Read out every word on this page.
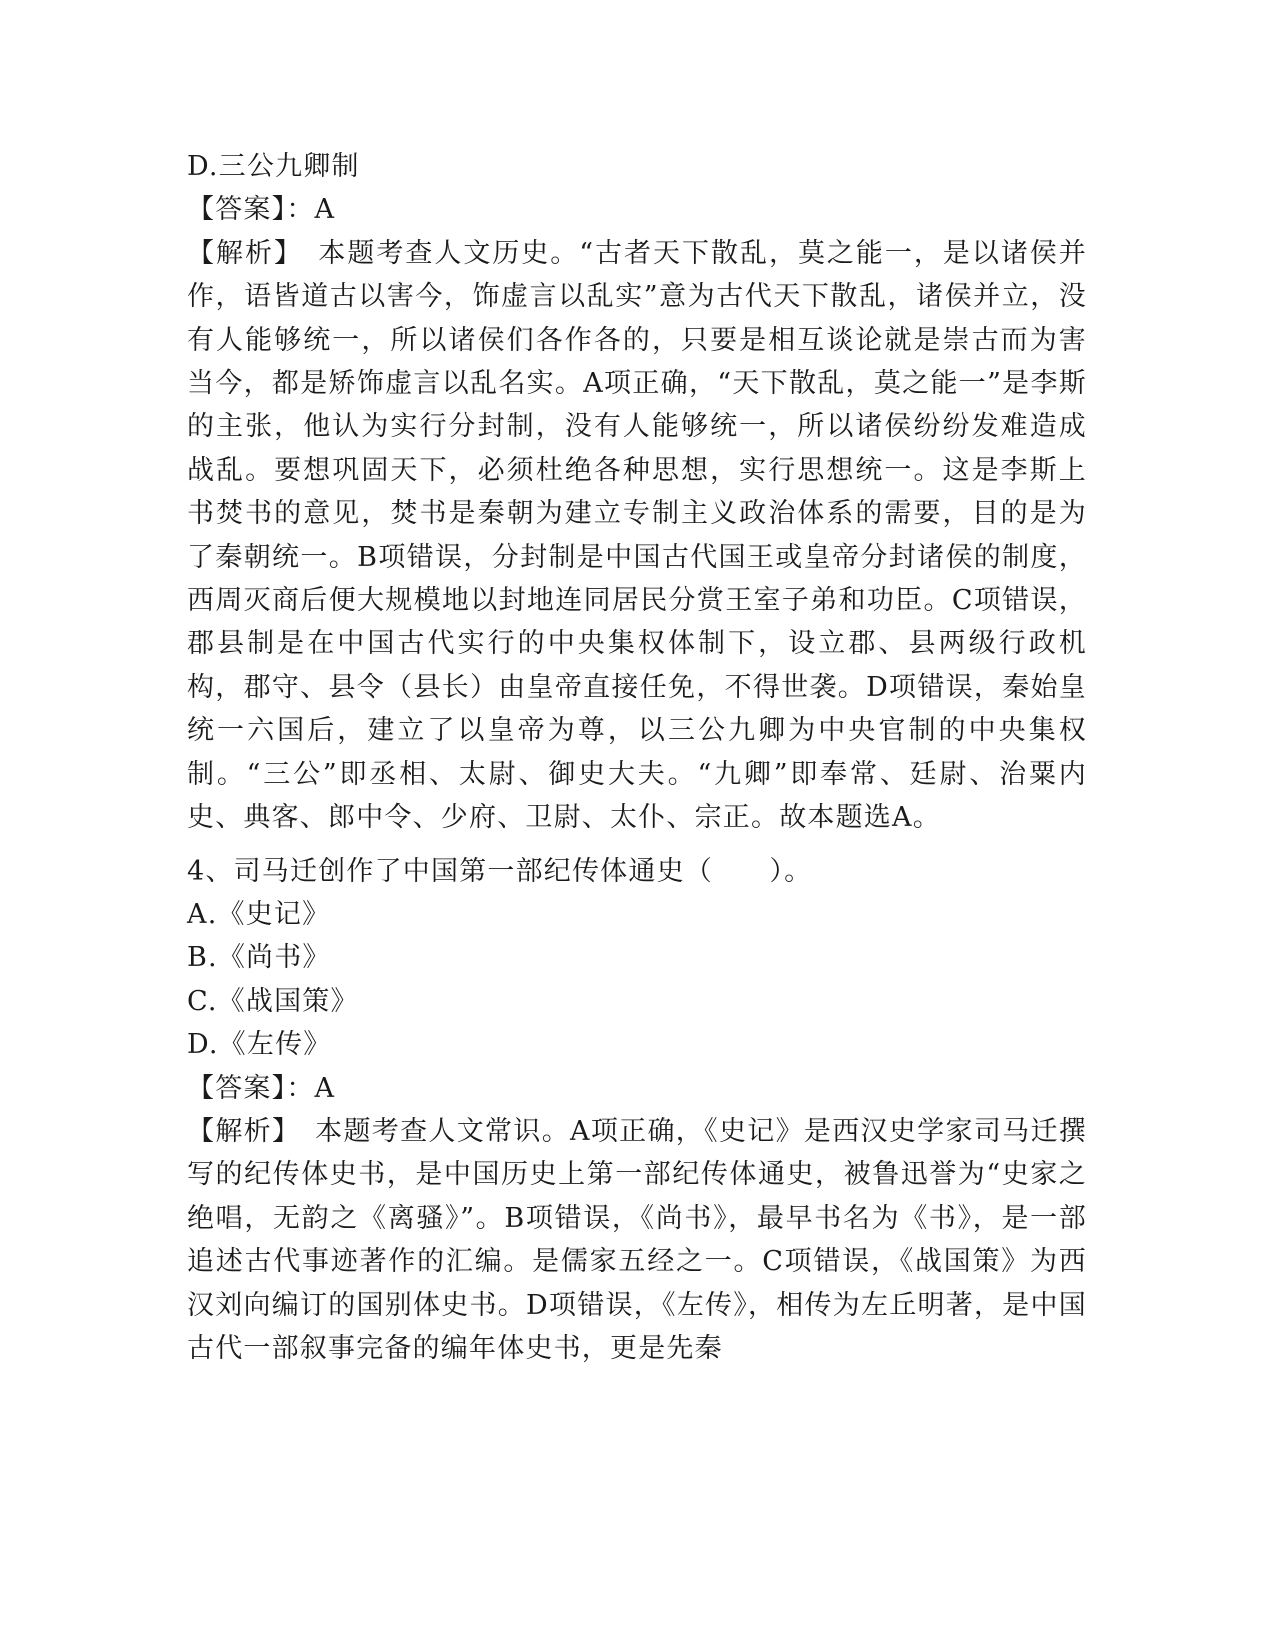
D.三公九卿制

【答案】：A

【解析】　 本题考查人文历史。“古者天下散乱，莫之能一，是以诸侯并作，语皆道古以害今，饰虚言以乱实”意为古代天下散乱，诸侯并立，没有人能够统一，所以诸侯们各作各的，只要是相互谈论就是崇古而为害当今，都是矫饰虚言以乱名实。A项正确，“天下散乱，莫之能一”是李斯的主张，他认为实行分封制，没有人能够统一，所以诸侯纷纷发难造成战乱。要想巩固天下，必须杜绝各种思想，实行思想统一。这是李斯上书焚书的意见，焚书是秦朝为建立专制主义政治体系的需要，目的是为了秦朝统一。B项错误，分封制是中国古代国王或皇帝分封诸侯的制度，西周灭商后便大规模地以封地连同居民分赏王室子弟和功臣。C项错误，郡县制是在中国古代实行的中央集权体制下，设立郡、县两级行政机构，郡守、县令（县长）由皇帝直接任免，不得世袭。D项错误，秦始皇统一六国后，建立了以皇帝为尊，以三公九卿为中央官制的中央集权制。“三公”即丞相、太尉、御史大夫。“九卿”即奉常、廷尉、治粟内史、典客、郎中令、少府、卫尉、太仆、宗正。故本题选A。

4、司马迁创作了中国第一部纪传体通史（　　）。

A.《史记》

B.《尚书》

C.《战国策》

D.《左传》

【答案】：A

【解析】　 本题考查人文常识。A项正确，《史记》是西汉史学家司马迁撰写的纪传体史书，是中国历史上第一部纪传体通史，被鲁迅誉为“史家之绝唱，无韵之《离骚》”。B项错误，《尚书》，最早书名为《书》，是一部追述古代事迹著作的汇编。是儒家五经之一。C项错误，《战国策》为西汉刘向编订的国别体史书。D项错误，《左传》，相传为左丘明著，是中国古代一部叙事完备的编年体史书，更是先秦
